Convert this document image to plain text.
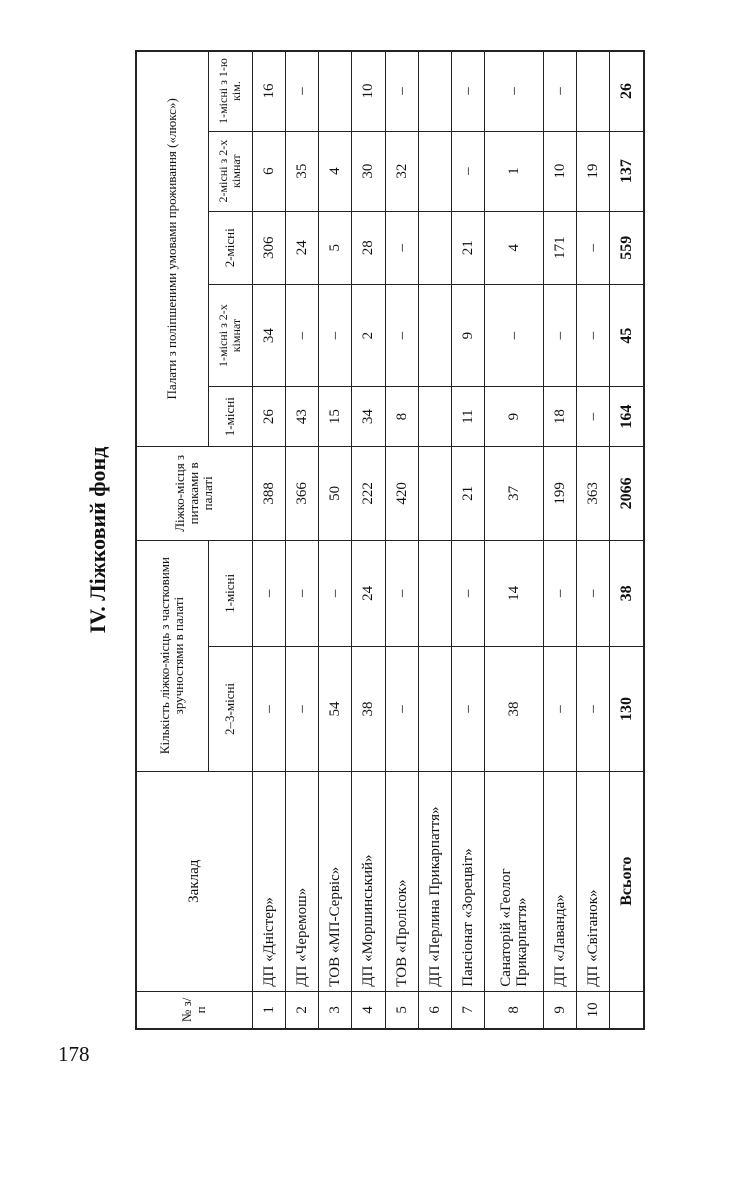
178
IV. Ліжковий фонд
№ з/п	Заклад	Кількість ліжко-місць з частковими зручностями в палаті		Ліжко-місця з питаками в палаті	Палати з поліпшеними умовами проживання («люкс»)				
		2–3-місні	1-місні		1-місні	1-місні з 2-х кімнат	2-місні	2-місні з 2-х кімнат	1-місні з 1-ю кім.
1	ДП «Дністер»	–	–	388	26	34	306	6	16
2	ДП «Черемош»	–	–	366	43	–	24	35	–
3	ТОВ «МП-Сервіс»	54	–	50	15	–	5	4	
4	ДП «Моршинський»	38	24	222	34	2	28	30	10
5	ТОВ «Пролісок»	–	–	420	8	–	–	32	–
6	ДП «Перлина Прикарпаття»								
7	Пансіонат «Зорецвіт»	–	–	21	11	9	21	–	–
8	Санаторій «Геолог Прикарпаття»	38	14	37	9	–	4	1	–
9	ДП «Лаванда»	–	–	199	18	–	171	10	–
10	ДП «Світанок»	–	–	363	–	–	–	19	
	Всього	130	38	2066	164	45	559	137	26
